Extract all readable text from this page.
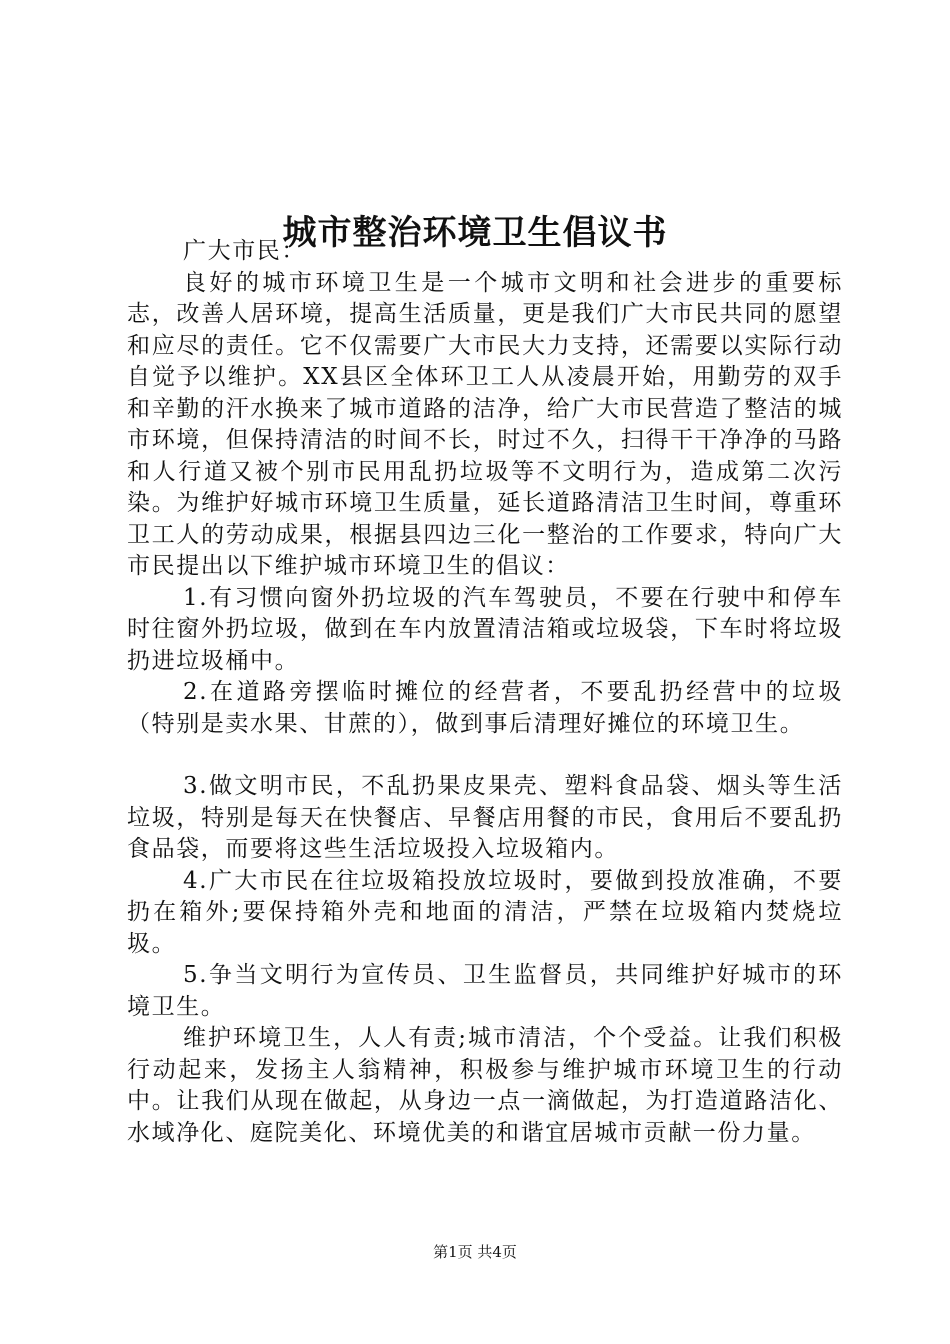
城市整治环境卫生倡议书

广大市民：

良好的城市环境卫生是一个城市文明和社会进步的重要标志，改善人居环境，提高生活质量，更是我们广大市民共同的愿望和应尽的责任。它不仅需要广大市民大力支持，还需要以实际行动自觉予以维护。XX县区全体环卫工人从凌晨开始，用勤劳的双手和辛勤的汗水换来了城市道路的洁净，给广大市民营造了整洁的城市环境，但保持清洁的时间不长，时过不久，扫得干干净净的马路和人行道又被个别市民用乱扔垃圾等不文明行为，造成第二次污染。为维护好城市环境卫生质量，延长道路清洁卫生时间，尊重环卫工人的劳动成果，根据县四边三化一整治的工作要求，特向广大市民提出以下维护城市环境卫生的倡议：

1.有习惯向窗外扔垃圾的汽车驾驶员，不要在行驶中和停车时往窗外扔垃圾，做到在车内放置清洁箱或垃圾袋，下车时将垃圾扔进垃圾桶中。

2.在道路旁摆临时摊位的经营者，不要乱扔经营中的垃圾（特别是卖水果、甘蔗的），做到事后清理好摊位的环境卫生。

3.做文明市民，不乱扔果皮果壳、塑料食品袋、烟头等生活垃圾，特别是每天在快餐店、早餐店用餐的市民，食用后不要乱扔食品袋，而要将这些生活垃圾投入垃圾箱内。

4.广大市民在往垃圾箱投放垃圾时，要做到投放准确，不要扔在箱外;要保持箱外壳和地面的清洁，严禁在垃圾箱内焚烧垃圾。

5.争当文明行为宣传员、卫生监督员，共同维护好城市的环境卫生。

维护环境卫生，人人有责;城市清洁，个个受益。让我们积极行动起来，发扬主人翁精神，积极参与维护城市环境卫生的行动中。让我们从现在做起，从身边一点一滴做起，为打造道路洁化、水域净化、庭院美化、环境优美的和谐宜居城市贡献一份力量。

第1页 共4页
